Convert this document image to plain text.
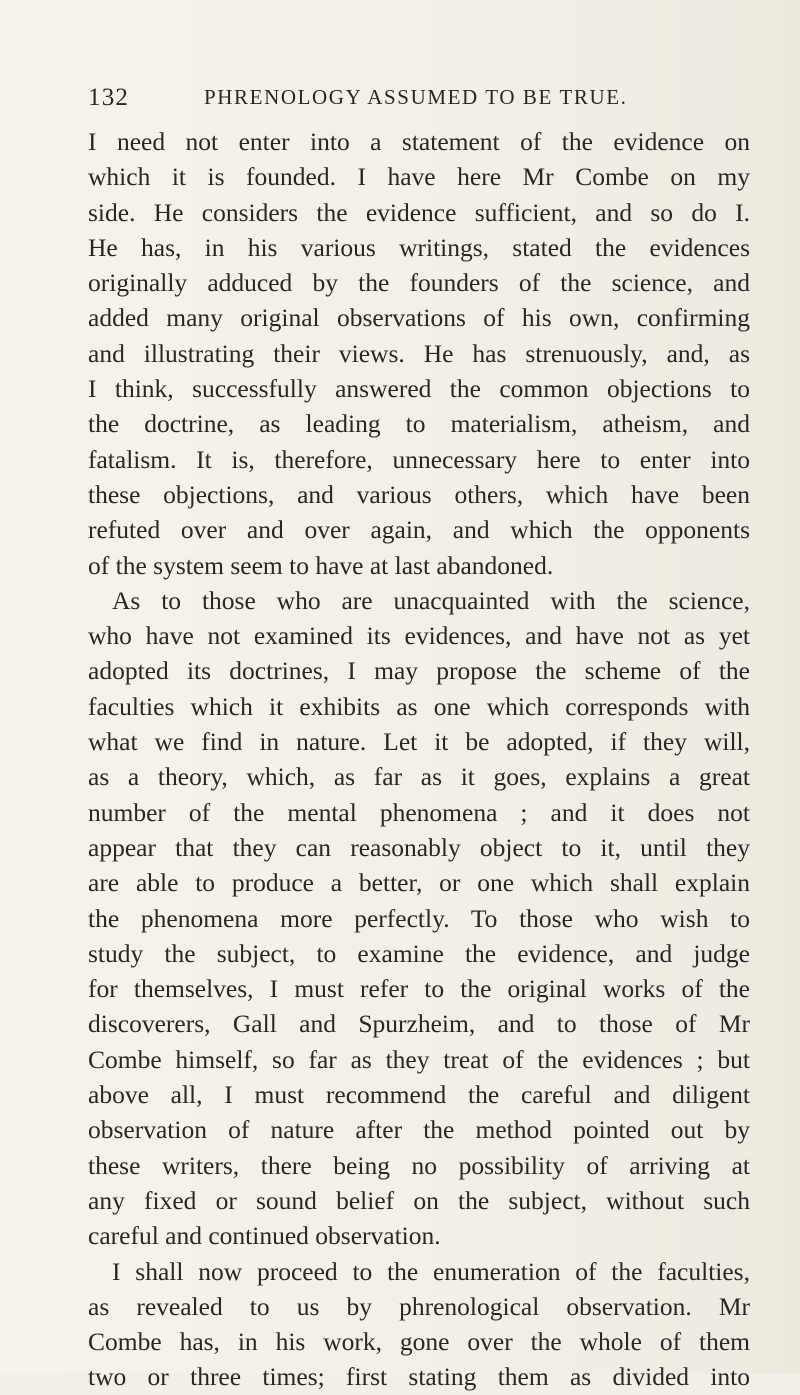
132	PHRENOLOGY ASSUMED TO BE TRUE.
I need not enter into a statement of the evidence on
which it is founded. I have here Mr Combe on my
side. He considers the evidence sufficient, and so do I.
He has, in his various writings, stated the evidences
originally adduced by the founders of the science, and
added many original observations of his own, confirming
and illustrating their views. He has strenuously, and, as
I think, successfully answered the common objections to
the doctrine, as leading to materialism, atheism, and
fatalism. It is, therefore, unnecessary here to enter into
these objections, and various others, which have been
refuted over and over again, and which the opponents
of the system seem to have at last abandoned.
As to those who are unacquainted with the science,
who have not examined its evidences, and have not as yet
adopted its doctrines, I may propose the scheme of the
faculties which it exhibits as one which corresponds with
what we find in nature. Let it be adopted, if they will,
as a theory, which, as far as it goes, explains a great
number of the mental phenomena ; and it does not
appear that they can reasonably object to it, until they
are able to produce a better, or one which shall explain
the phenomena more perfectly. To those who wish to
study the subject, to examine the evidence, and judge
for themselves, I must refer to the original works of the
discoverers, Gall and Spurzheim, and to those of Mr
Combe himself, so far as they treat of the evidences ; but
above all, I must recommend the careful and diligent
observation of nature after the method pointed out by
these writers, there being no possibility of arriving at
any fixed or sound belief on the subject, without such
careful and continued observation.
I shall now proceed to the enumeration of the faculties,
as revealed to us by phrenological observation. Mr
Combe has, in his work, gone over the whole of them
two or three times; first stating them as divided into
